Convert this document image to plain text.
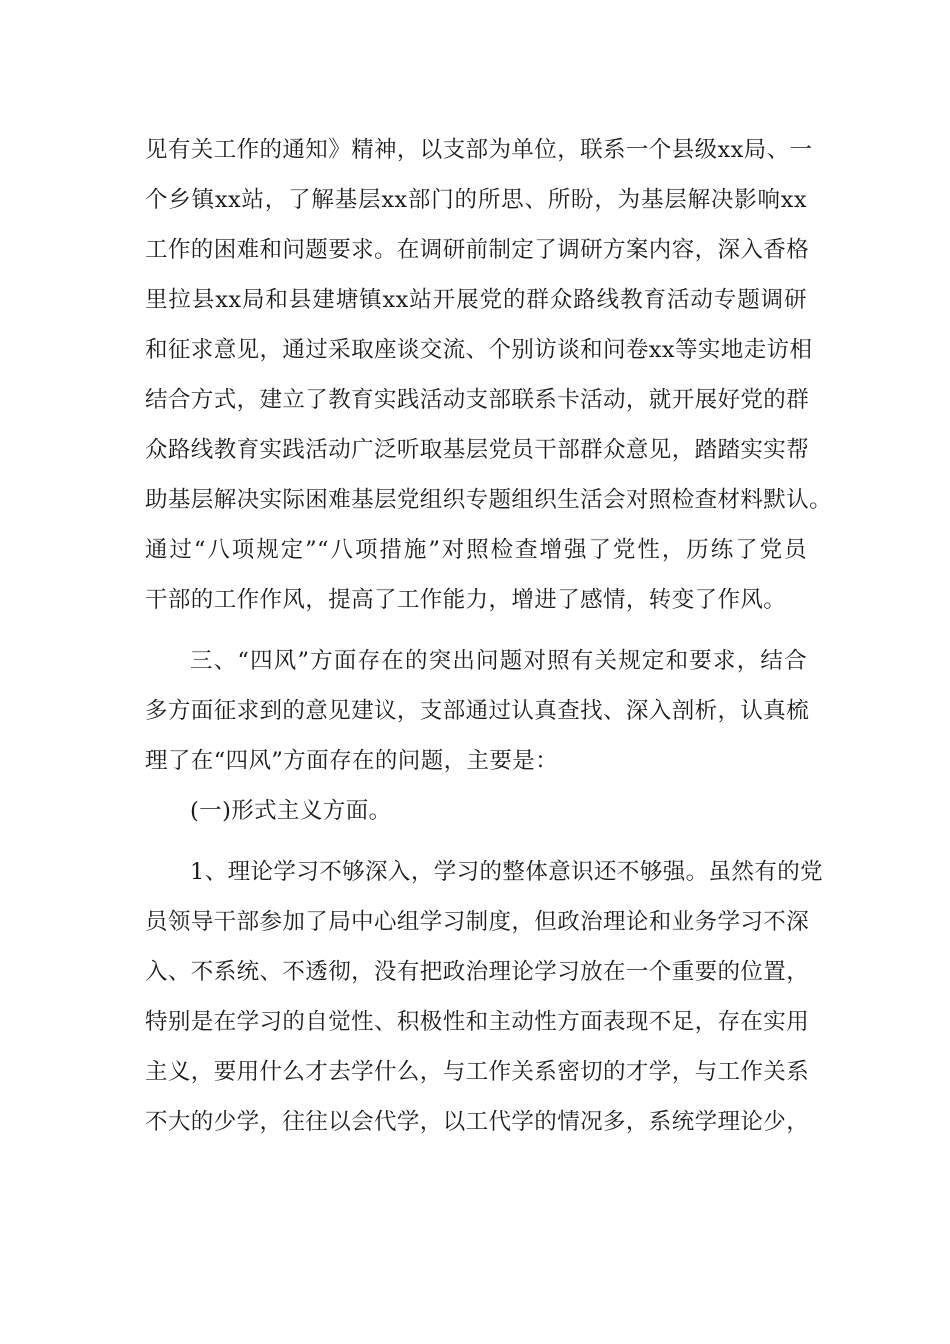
见有关工作的通知》精神，以支部为单位，联系一个县级xx局、一
个乡镇xx站，了解基层xx部门的所思、所盼，为基层解决影响xx
工作的困难和问题要求。在调研前制定了调研方案内容，深入香格
里拉县xx局和县建塘镇xx站开展党的群众路线教育活动专题调研
和征求意见，通过采取座谈交流、个别访谈和问卷xx等实地走访相
结合方式，建立了教育实践活动支部联系卡活动，就开展好党的群
众路线教育实践活动广泛听取基层党员干部群众意见，踏踏实实帮
助基层解决实际困难基层党组织专题组织生活会对照检查材料默认。
通过“八项规定”“八项措施”对照检查增强了党性，历练了党员
干部的工作作风，提高了工作能力，增进了感情，转变了作风。
三、“四风”方面存在的突出问题对照有关规定和要求，结合
多方面征求到的意见建议，支部通过认真查找、深入剖析，认真梳
理了在“四风”方面存在的问题，主要是：
(一)形式主义方面。
1、理论学习不够深入，学习的整体意识还不够强。虽然有的党
员领导干部参加了局中心组学习制度，但政治理论和业务学习不深
入、不系统、不透彻，没有把政治理论学习放在一个重要的位置，
特别是在学习的自觉性、积极性和主动性方面表现不足，存在实用
主义，要用什么才去学什么，与工作关系密切的才学，与工作关系
不大的少学，往往以会代学，以工代学的情况多，系统学理论少，
